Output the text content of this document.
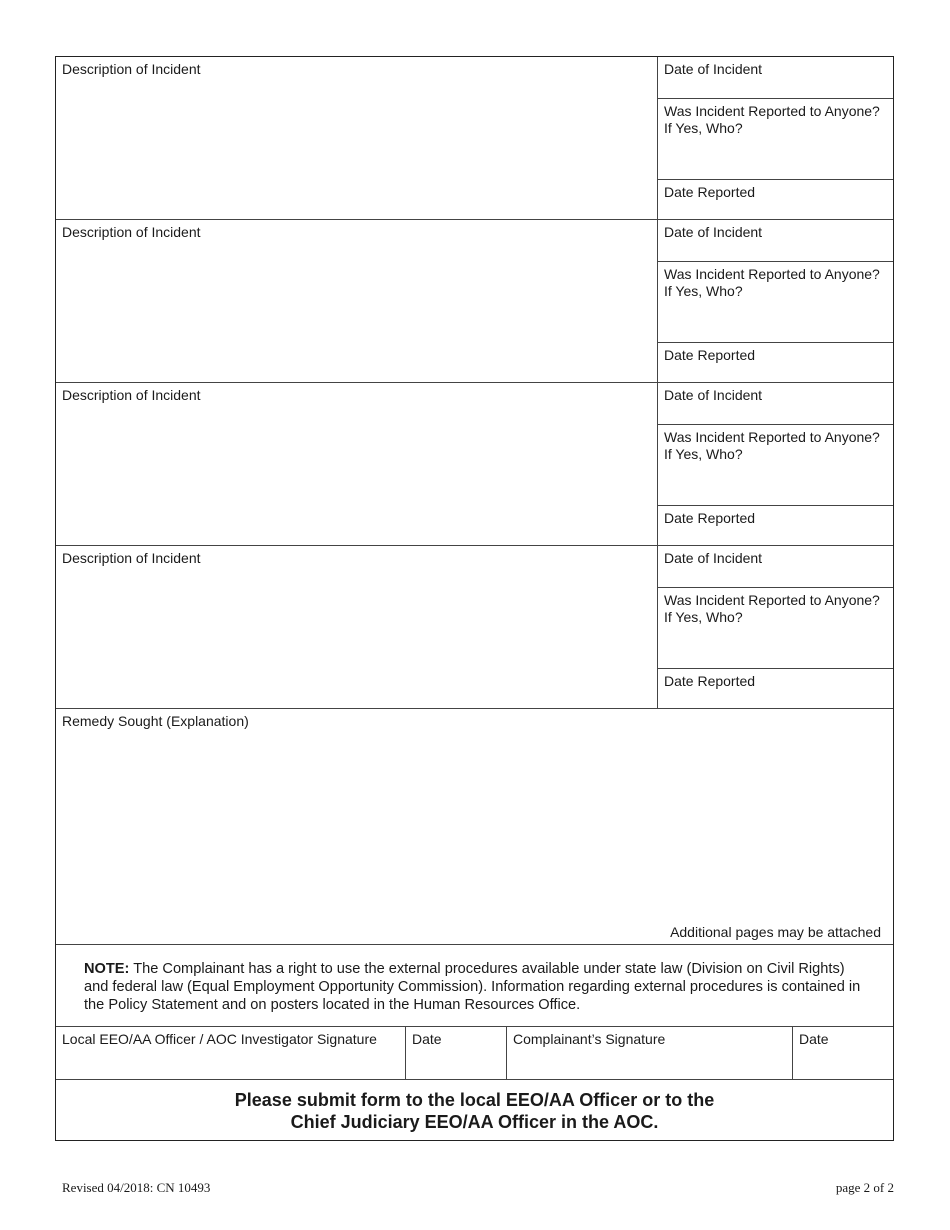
Description of Incident	Date of Incident
Was Incident Reported to Anyone?
If Yes, Who?
Date Reported
Description of Incident	Date of Incident
Was Incident Reported to Anyone?
If Yes, Who?
Date Reported
Description of Incident	Date of Incident
Was Incident Reported to Anyone?
If Yes, Who?
Date Reported
Description of Incident	Date of Incident
Was Incident Reported to Anyone?
If Yes, Who?
Date Reported
Remedy Sought (Explanation)
Additional pages may be attached
NOTE: The Complainant has a right to use the external procedures available under state law (Division on Civil Rights) and federal law (Equal Employment Opportunity Commission). Information regarding external procedures is contained in the Policy Statement and on posters located in the Human Resources Office.
Local EEO/AA Officer / AOC Investigator Signature	Date	Complainant’s Signature	Date
Please submit form to the local EEO/AA Officer or to the
Chief Judiciary EEO/AA Officer in the AOC.
Revised 04/2018: CN 10493	page 2 of 2
